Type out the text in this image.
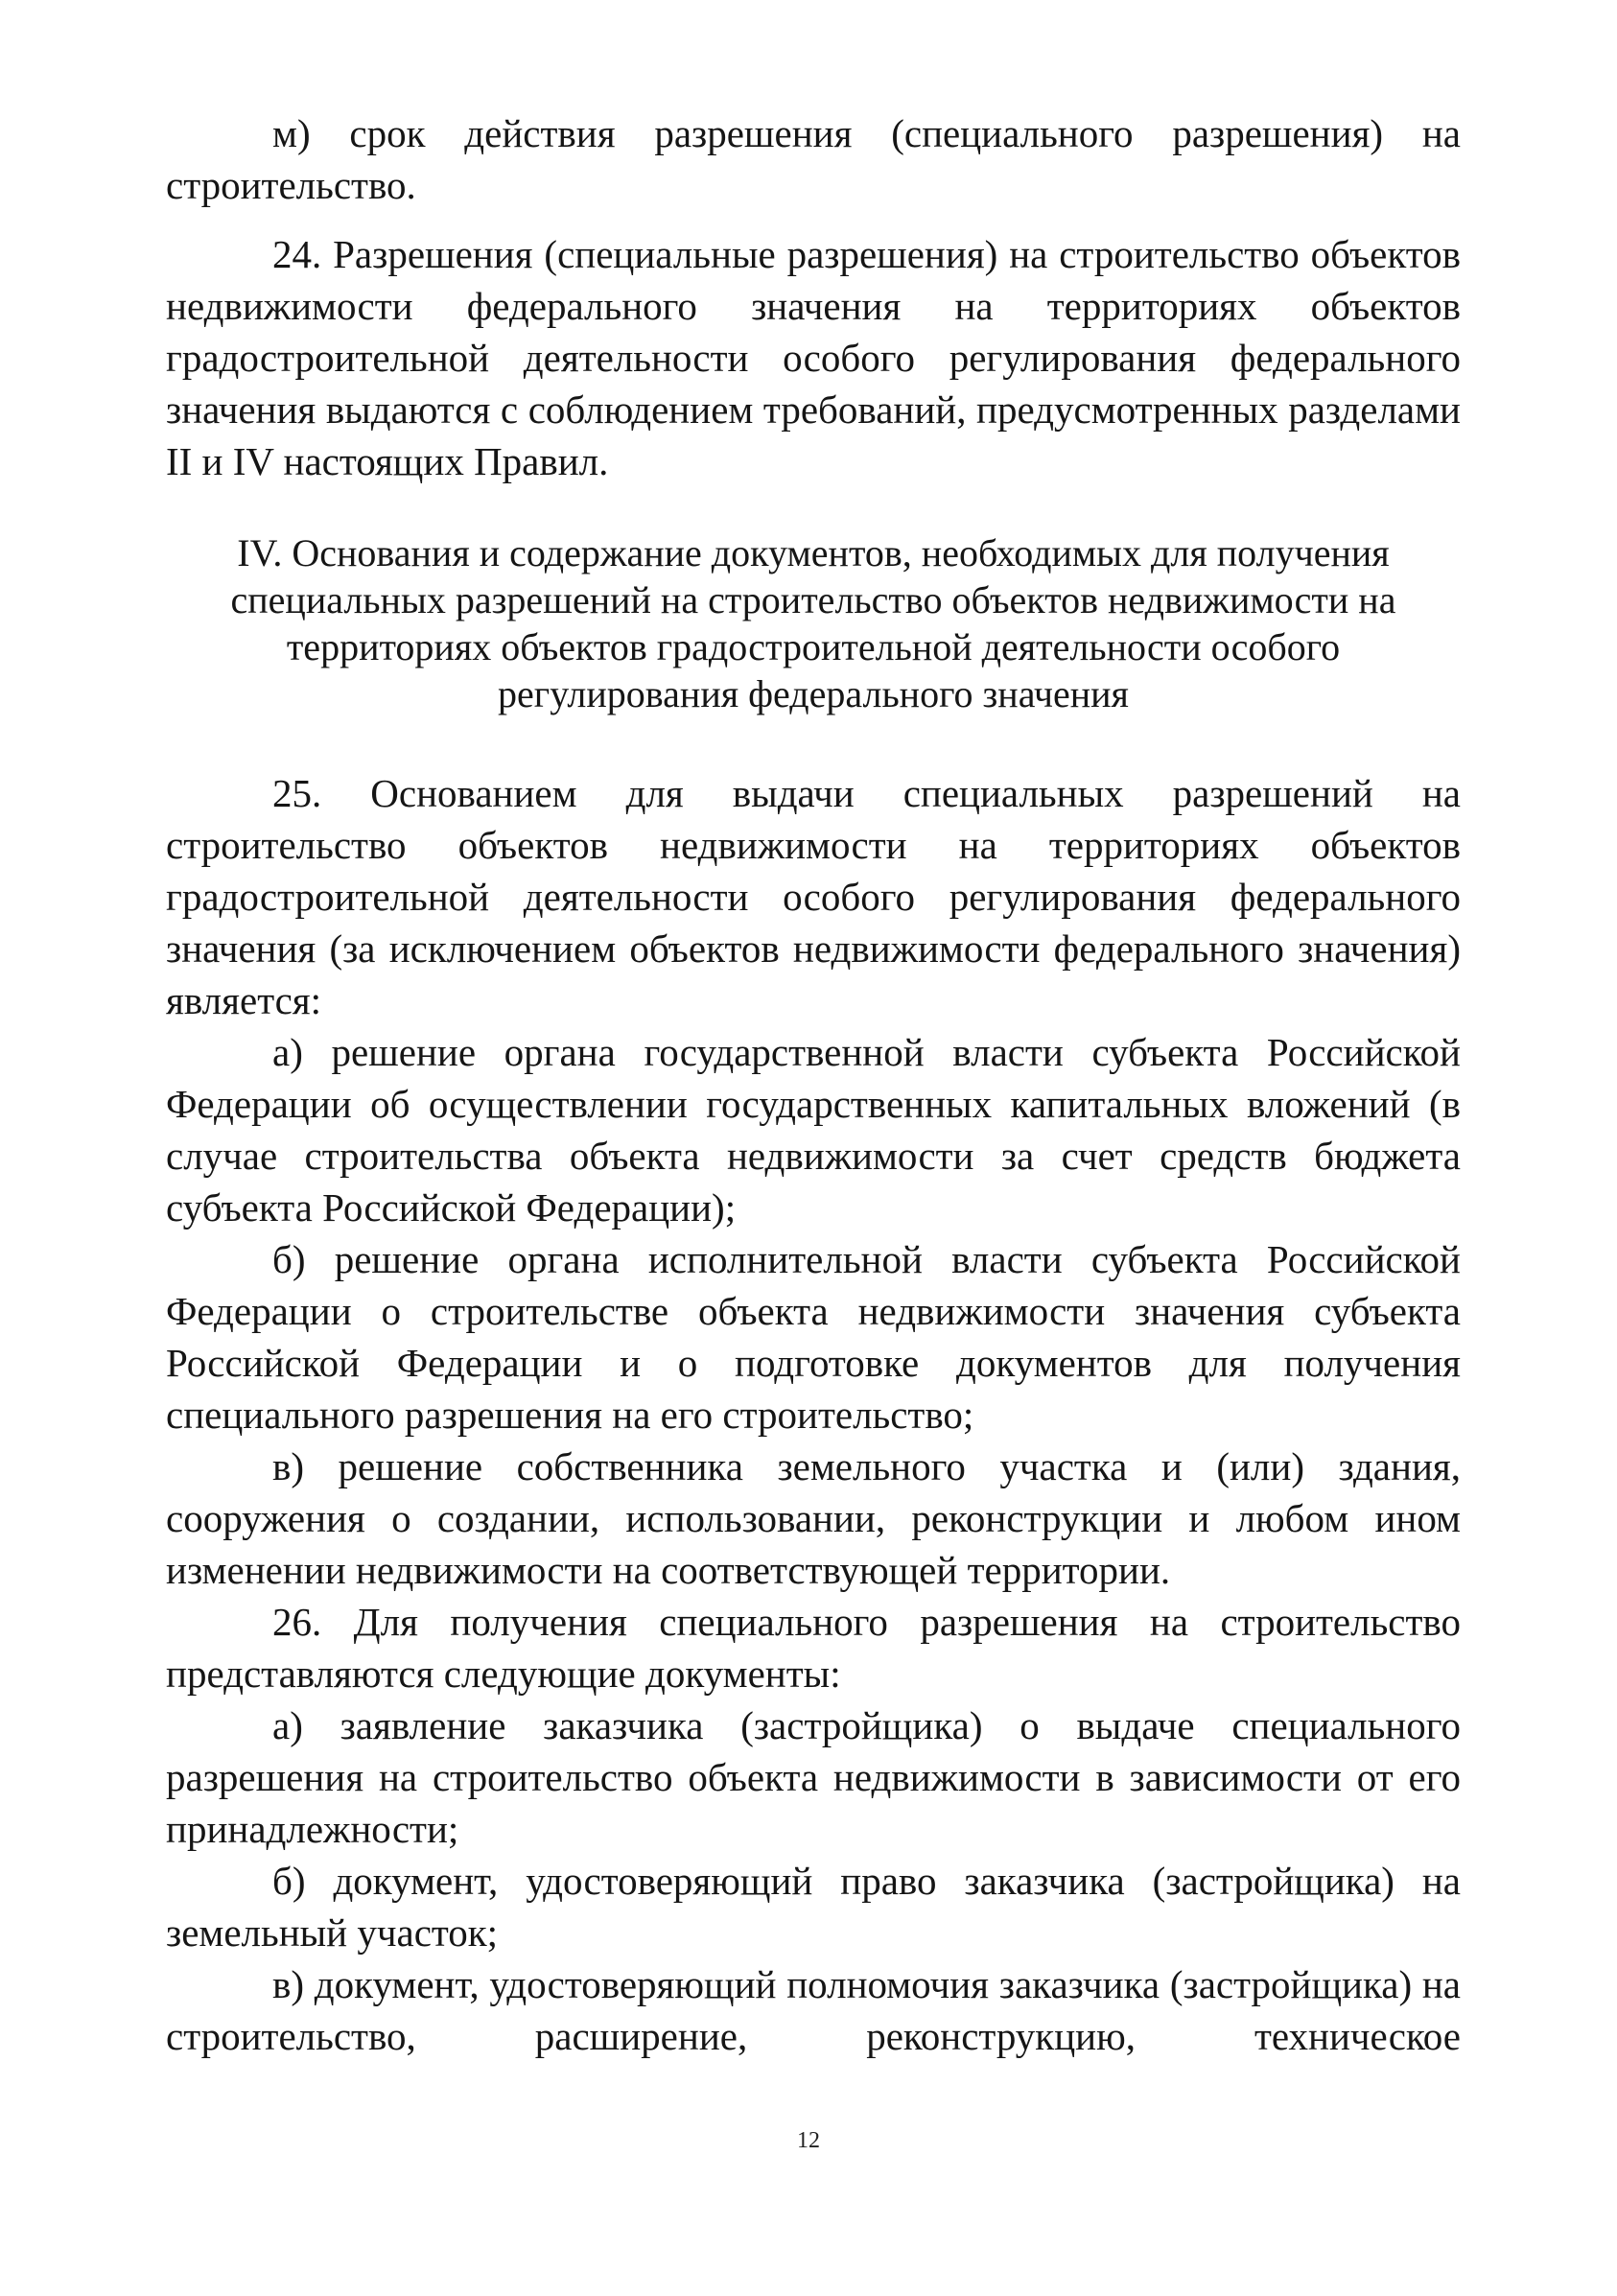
м) срок действия разрешения (специального разрешения) на строительство.

24. Разрешения (специальные разрешения) на строительство объектов недвижимости федерального значения на территориях объектов градостроительной деятельности особого регулирования федерального значения выдаются с соблюдением требований, предусмотренных разделами II и IV настоящих Правил.

IV. Основания и содержание документов, необходимых для получения специальных разрешений на строительство объектов недвижимости на территориях объектов градостроительной деятельности особого регулирования федерального значения

25. Основанием для выдачи специальных разрешений на строительство объектов недвижимости на территориях объектов градостроительной деятельности особого регулирования федерального значения (за исключением объектов недвижимости федерального значения) является:

а) решение органа государственной власти субъекта Российской Федерации об осуществлении государственных капитальных вложений (в случае строительства объекта недвижимости за счет средств бюджета субъекта Российской Федерации);

б) решение органа исполнительной власти субъекта Российской Федерации о строительстве объекта недвижимости значения субъекта Российской Федерации и о подготовке документов для получения специального разрешения на его строительство;

в) решение собственника земельного участка и (или) здания, сооружения о создании, использовании, реконструкции и любом ином изменении недвижимости на соответствующей территории.

26. Для получения специального разрешения на строительство представляются следующие документы:

а) заявление заказчика (застройщика) о выдаче специального разрешения на строительство объекта недвижимости в зависимости от его принадлежности;

б) документ, удостоверяющий право заказчика (застройщика) на земельный участок;

в) документ, удостоверяющий полномочия заказчика (застройщика) на строительство, расширение, реконструкцию, техническое

12
